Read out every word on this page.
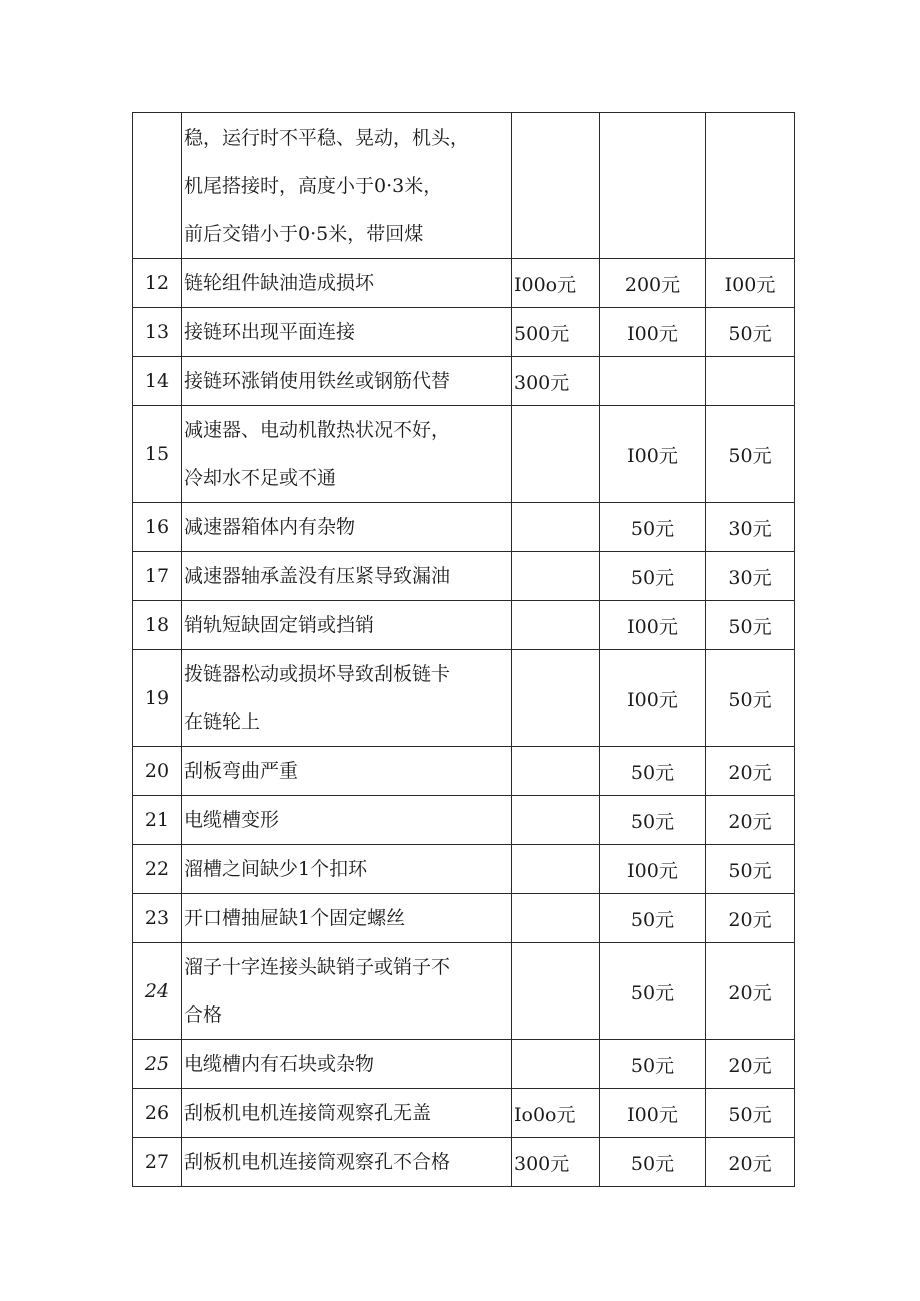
	稳，运行时不平稳、晃动，机头，
机尾搭接时，高度小于0·3米，
前后交错小于0·5米，带回煤			

12	链轮组件缺油造成损坏	I00o元	200元	I00元
13	接链环出现平面连接	500元	I00元	50元
14	接链环涨销使用铁丝或钢筋代替	300元		
15	减速器、电动机散热状况不好，
冷却水不足或不通		I00元	50元
16	减速器箱体内有杂物		50元	30元
17	减速器轴承盖没有压紧导致漏油		50元	30元
18	销轨短缺固定销或挡销		I00元	50元
19	拨链器松动或损坏导致刮板链卡
在链轮上		I00元	50元
20	刮板弯曲严重		50元	20元
21	电缆槽变形		50元	20元
22	溜槽之间缺少1个扣环		I00元	50元
23	开口槽抽屉缺1个固定螺丝		50元	20元
24	溜子十字连接头缺销子或销子不
合格		50元	20元
25	电缆槽内有石块或杂物		50元	20元
26	刮板机电机连接筒观察孔无盖	Io0o元	I00元	50元
27	刮板机电机连接筒观察孔不合格	300元	50元	20元
